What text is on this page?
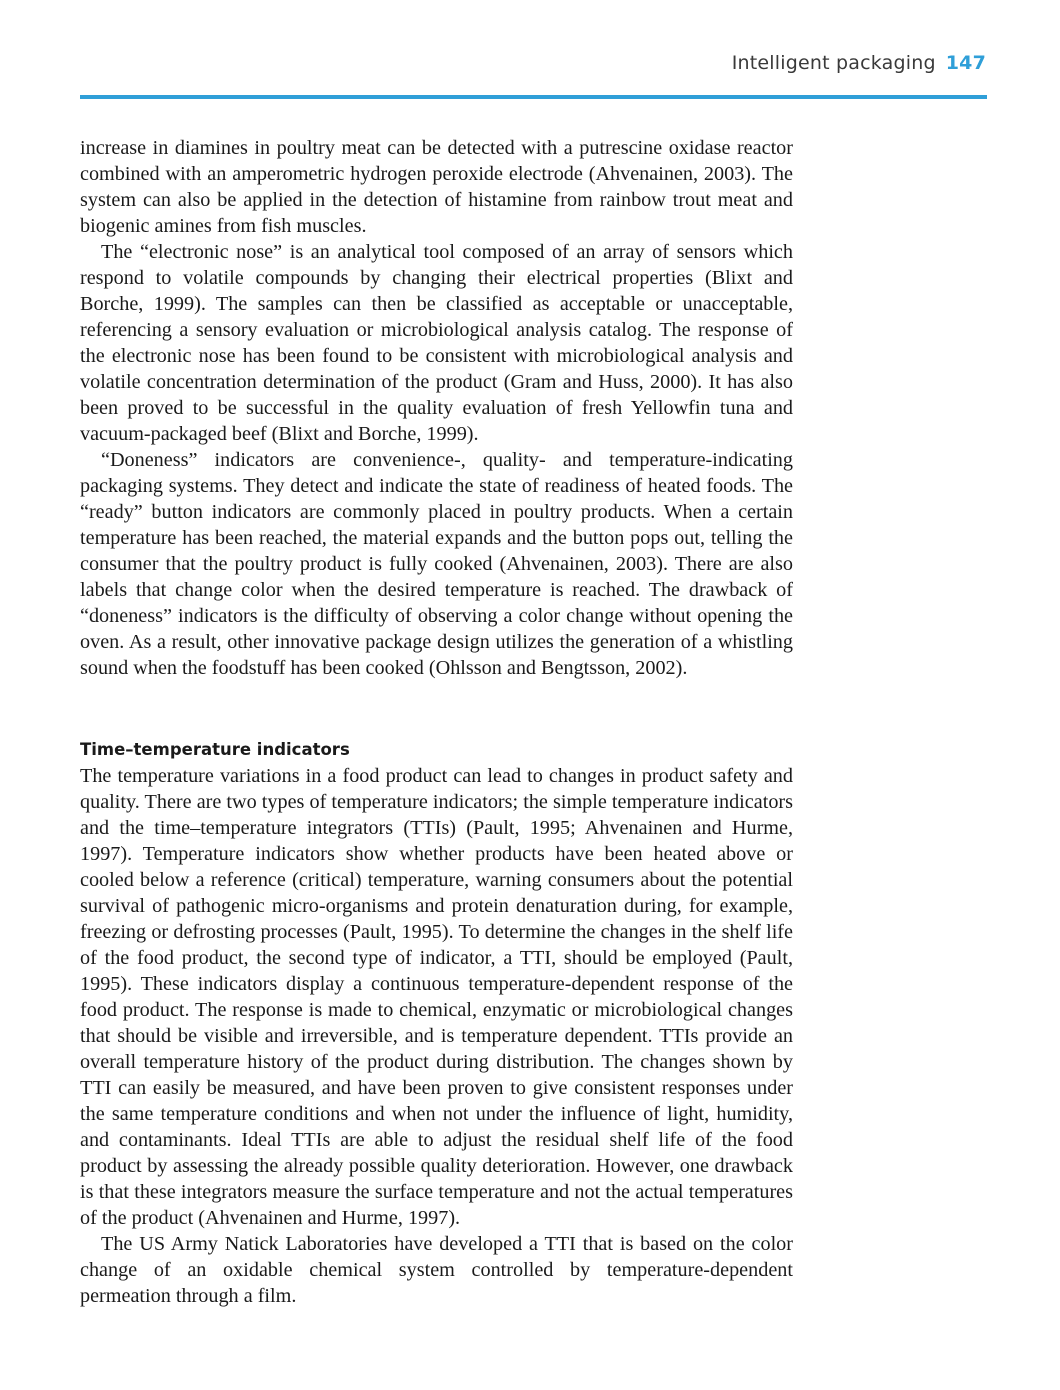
Intelligent packaging 147

increase in diamines in poultry meat can be detected with a putrescine oxidase reactor combined with an amperometric hydrogen peroxide electrode (Ahvenainen, 2003). The system can also be applied in the detection of histamine from rainbow trout meat and biogenic amines from fish muscles.

The “electronic nose” is an analytical tool composed of an array of sensors which respond to volatile compounds by changing their electrical properties (Blixt and Borche, 1999). The samples can then be classified as acceptable or unacceptable, referencing a sensory evaluation or microbiological analysis catalog. The response of the electronic nose has been found to be consistent with microbiological analysis and volatile concentration determination of the product (Gram and Huss, 2000). It has also been proved to be successful in the quality evaluation of fresh Yellowfin tuna and vacuum-packaged beef (Blixt and Borche, 1999).

“Doneness” indicators are convenience-, quality- and temperature-indicating packaging systems. They detect and indicate the state of readiness of heated foods. The “ready” button indicators are commonly placed in poultry products. When a certain temperature has been reached, the material expands and the button pops out, telling the consumer that the poultry product is fully cooked (Ahvenainen, 2003). There are also labels that change color when the desired temperature is reached. The drawback of “doneness” indicators is the difficulty of observing a color change without opening the oven. As a result, other innovative package design utilizes the generation of a whistling sound when the foodstuff has been cooked (Ohlsson and Bengtsson, 2002).

Time–temperature indicators

The temperature variations in a food product can lead to changes in product safety and quality. There are two types of temperature indicators; the simple temperature indicators and the time–temperature integrators (TTIs) (Pault, 1995; Ahvenainen and Hurme, 1997). Temperature indicators show whether products have been heated above or cooled below a reference (critical) temperature, warning consumers about the potential survival of pathogenic micro-organisms and protein denaturation during, for example, freezing or defrosting processes (Pault, 1995). To determine the changes in the shelf life of the food product, the second type of indicator, a TTI, should be employed (Pault, 1995). These indicators display a continuous temperature-dependent response of the food product. The response is made to chemical, enzymatic or microbiological changes that should be visible and irreversible, and is temperature dependent. TTIs provide an overall temperature history of the product during distribution. The changes shown by TTI can easily be measured, and have been proven to give consistent responses under the same temperature conditions and when not under the influence of light, humidity, and contaminants. Ideal TTIs are able to adjust the residual shelf life of the food product by assessing the already possible quality deterioration. However, one drawback is that these integrators measure the surface temperature and not the actual temperatures of the product (Ahvenainen and Hurme, 1997).

The US Army Natick Laboratories have developed a TTI that is based on the color change of an oxidable chemical system controlled by temperature-dependent permeation through a film.
